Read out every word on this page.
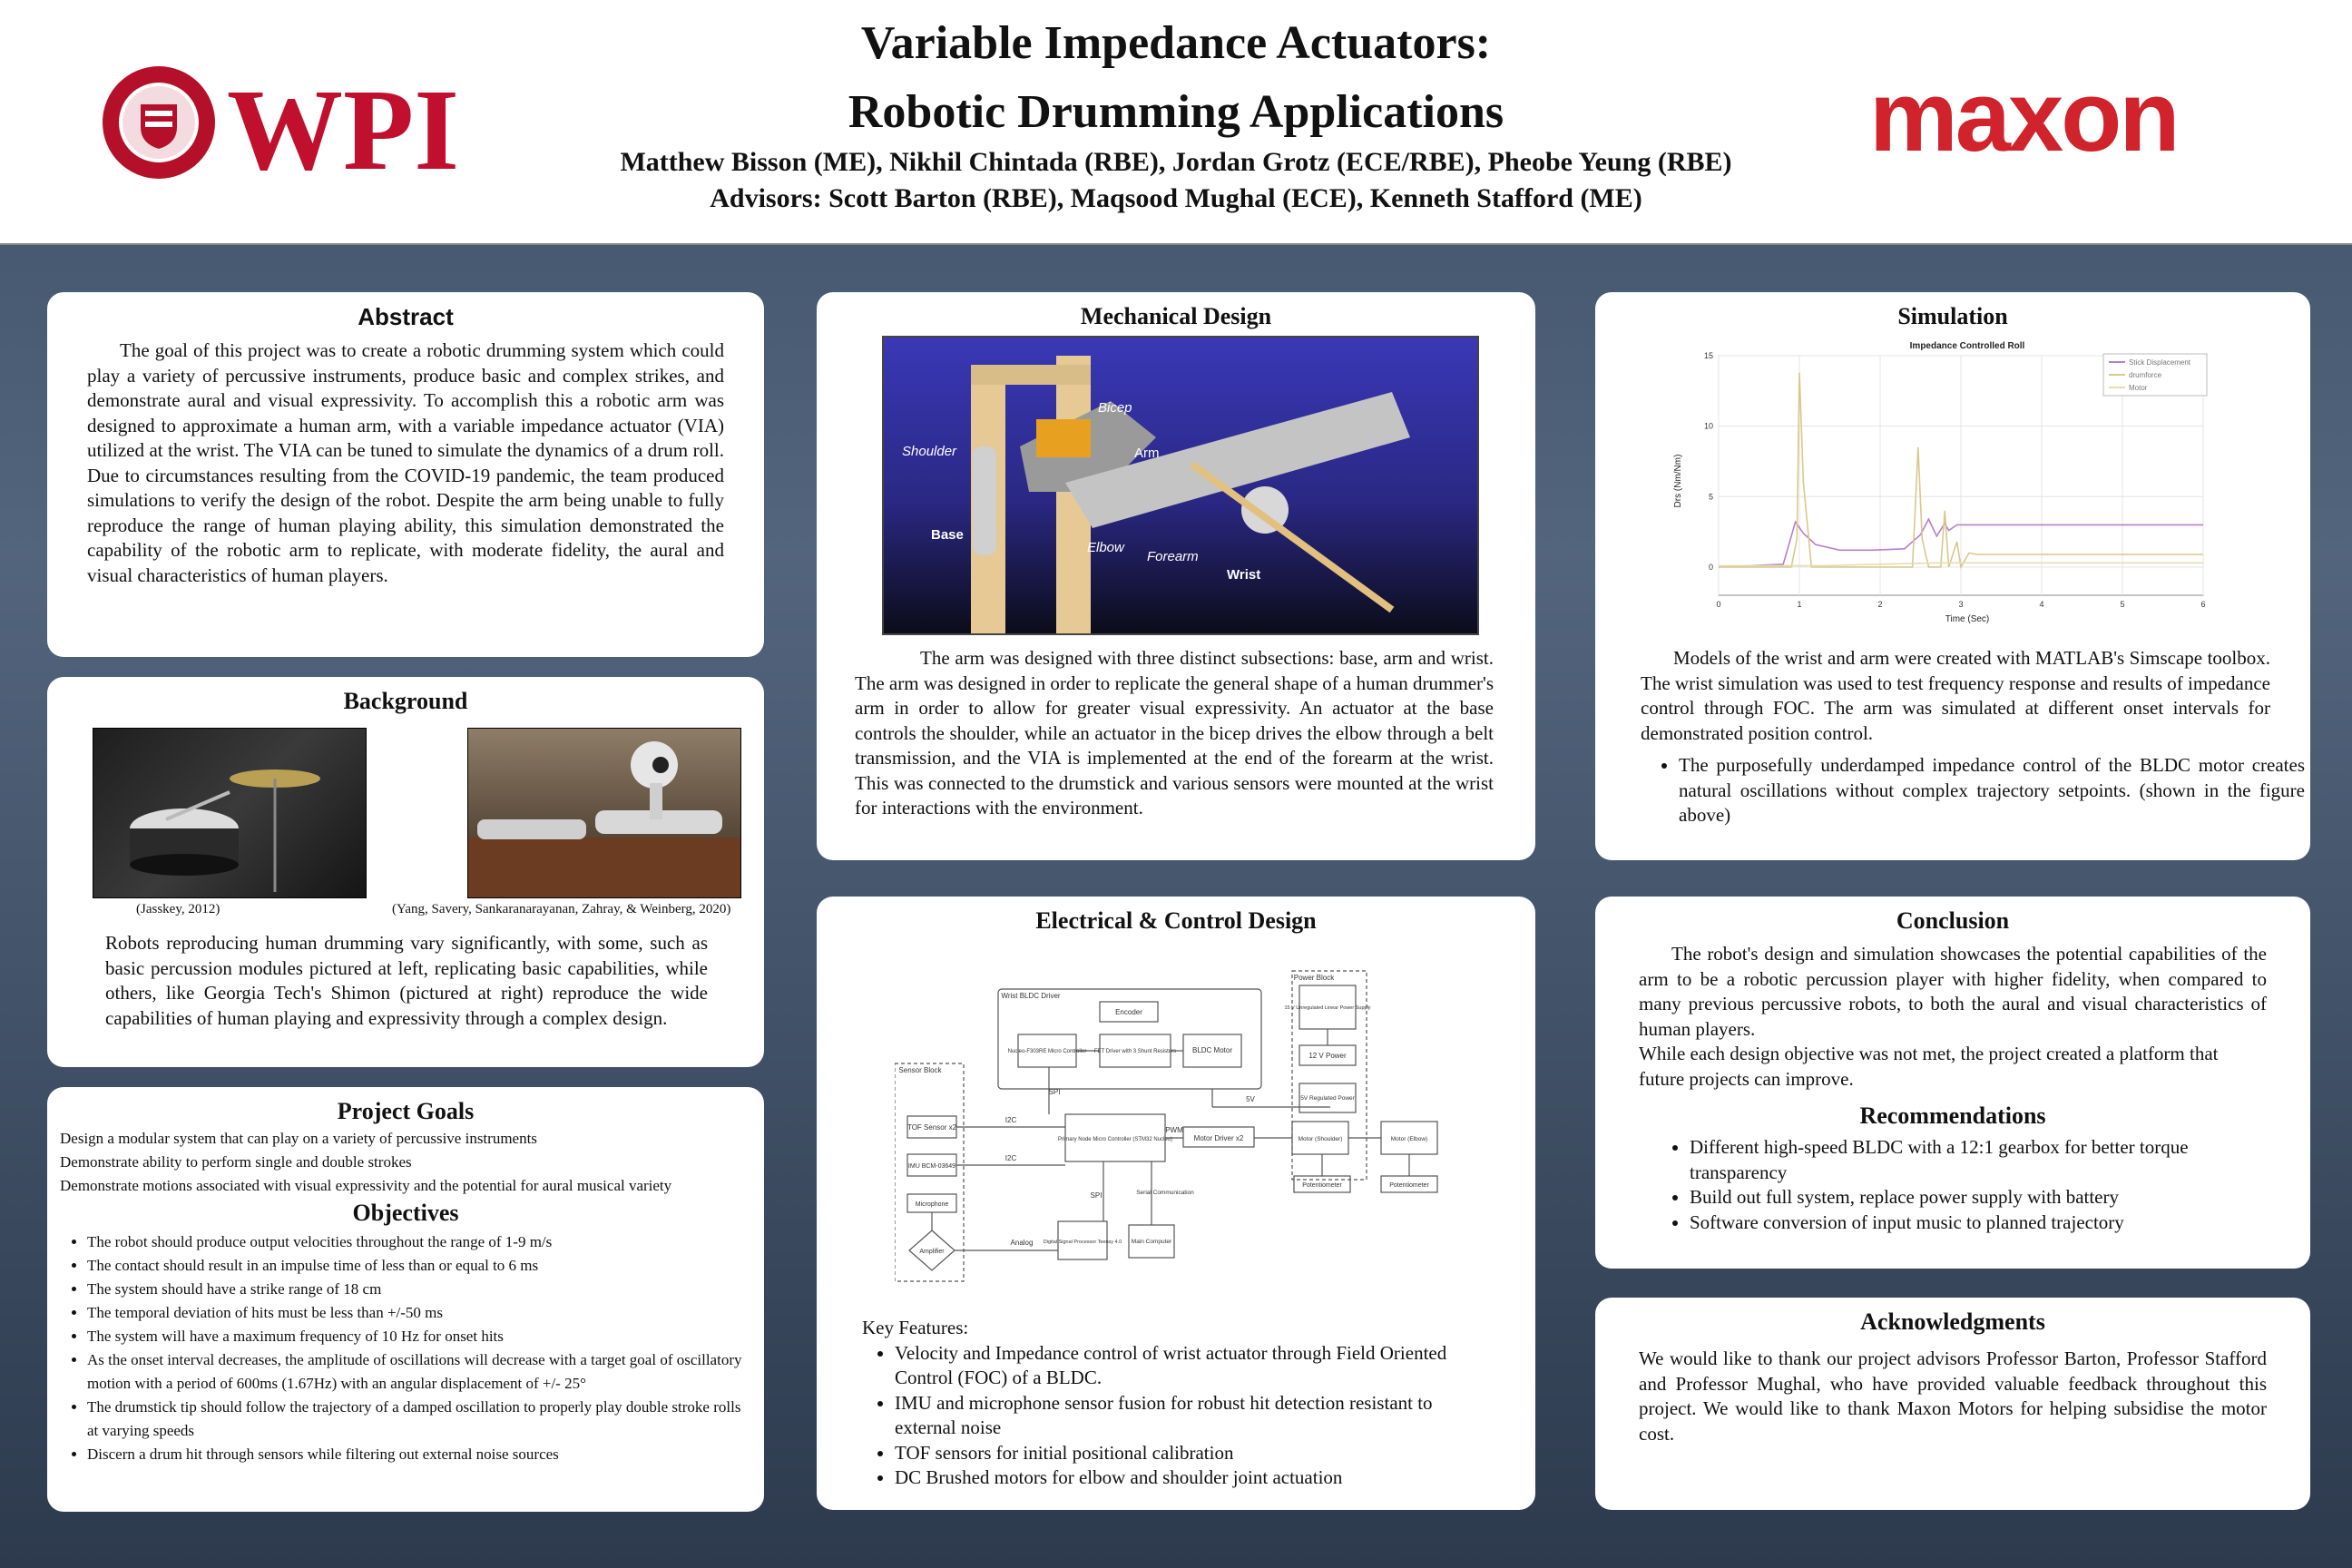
WPI
Variable Impedance Actuators:
Robotic Drumming Applications
Matthew Bisson (ME), Nikhil Chintada (RBE), Jordan Grotz (ECE/RBE), Pheobe Yeung (RBE)
Advisors: Scott Barton (RBE), Maqsood Mughal (ECE), Kenneth Stafford (ME)
maxon
Abstract
The goal of this project was to create a robotic drumming system which could play a variety of percussive instruments, produce basic and complex strikes, and demonstrate aural and visual expressivity. To accomplish this a robotic arm was designed to approximate a human arm, with a variable impedance actuator (VIA) utilized at the wrist. The VIA can be tuned to simulate the dynamics of a drum roll. Due to circumstances resulting from the COVID-19 pandemic, the team produced simulations to verify the design of the robot. Despite the arm being unable to fully reproduce the range of human playing ability, this simulation demonstrated the capability of the robotic arm to replicate, with moderate fidelity, the aural and visual characteristics of human players.
Background
(Jasskey, 2012)	(Yang, Savery, Sankaranarayanan, Zahray, & Weinberg, 2020)
Robots reproducing human drumming vary significantly, with some, such as basic percussion modules pictured at left, replicating basic capabilities, while others, like Georgia Tech's Shimon (pictured at right) reproduce the wide capabilities of human playing and expressivity through a complex design.
Project Goals
Design a modular system that can play on a variety of percussive instruments
Demonstrate ability to perform single and double strokes
Demonstrate motions associated with visual expressivity and the potential for aural musical variety
Objectives
• The robot should produce output velocities throughout the range of 1-9 m/s
• The contact should result in an impulse time of less than or equal to 6 ms
• The system should have a strike range of 18 cm
• The temporal deviation of hits must be less than +/-50 ms
• The system will have a maximum frequency of 10 Hz for onset hits
• As the onset interval decreases, the amplitude of oscillations will decrease with a target goal of oscillatory motion with a period of 600ms (1.67Hz) with an angular displacement of +/- 25°
• The drumstick tip should follow the trajectory of a damped oscillation to properly play double stroke rolls at varying speeds
• Discern a drum hit through sensors while filtering out external noise sources
Mechanical Design
Shoulder
Bicep
Arm
Base
Elbow
Forearm
Wrist
The arm was designed with three distinct subsections: base, arm and wrist. The arm was designed in order to replicate the general shape of a human drummer's arm in order to allow for greater visual expressivity. An actuator at the base controls the shoulder, while an actuator in the bicep drives the elbow through a belt transmission, and the VIA is implemented at the end of the forearm at the wrist. This was connected to the drumstick and various sensors were mounted at the wrist for interactions with the environment.
Electrical & Control Design
Wrist BLDC Driver
Power Block
Sensor Block
Encoder
Nucleo-F303RE Micro Controller FET Driver with 3 Shunt Resistors BLDC Motor
15 V Unregulated Linear Power Supply
12 V Power
5V Regulated Power
Primary Node Micro Controller (STM32 Nucleo)	Motor Driver x2	Motor (Shoulder)	Motor (Elbow)
Potentiometer	Potentiometer
TOF Sensor x2
IMU BCM-03649
Microphone
Amplifier
Digital Signal Processor Teensy 4.0 Main Computer
SPI
SPI
I2C
I2C
PWM
5V
Analog
Serial Communication
Key Features:
• Velocity and Impedance control of wrist actuator through Field Oriented Control (FOC) of a BLDC.
• IMU and microphone sensor fusion for robust hit detection resistant to external noise
• TOF sensors for initial positional calibration
• DC Brushed motors for elbow and shoulder joint actuation
Simulation
Impedance Controlled Roll
Time (Sec)
Drs (Nm/Nm)
0	1	2	3	4	5	6
0
5
10
15
Stick Displacement
drumforce
Motor
Models of the wrist and arm were created with MATLAB's Simscape toolbox. The wrist simulation was used to test frequency response and results of impedance control through FOC. The arm was simulated at different onset intervals for demonstrated position control.
• The purposefully underdamped impedance control of the BLDC motor creates natural oscillations without complex trajectory setpoints. (shown in the figure above)
Conclusion
The robot's design and simulation showcases the potential capabilities of the arm to be a robotic percussion player with higher fidelity, when compared to many previous percussive robots, to both the aural and visual characteristics of human players.
While each design objective was not met, the project created a platform that future projects can improve.
Recommendations
• Different high-speed BLDC with a 12:1 gearbox for better torque transparency
• Build out full system, replace power supply with battery
• Software conversion of input music to planned trajectory
Acknowledgments
We would like to thank our project advisors Professor Barton, Professor Stafford and Professor Mughal, who have provided valuable feedback throughout this project. We would like to thank Maxon Motors for helping subsidise the motor cost.
